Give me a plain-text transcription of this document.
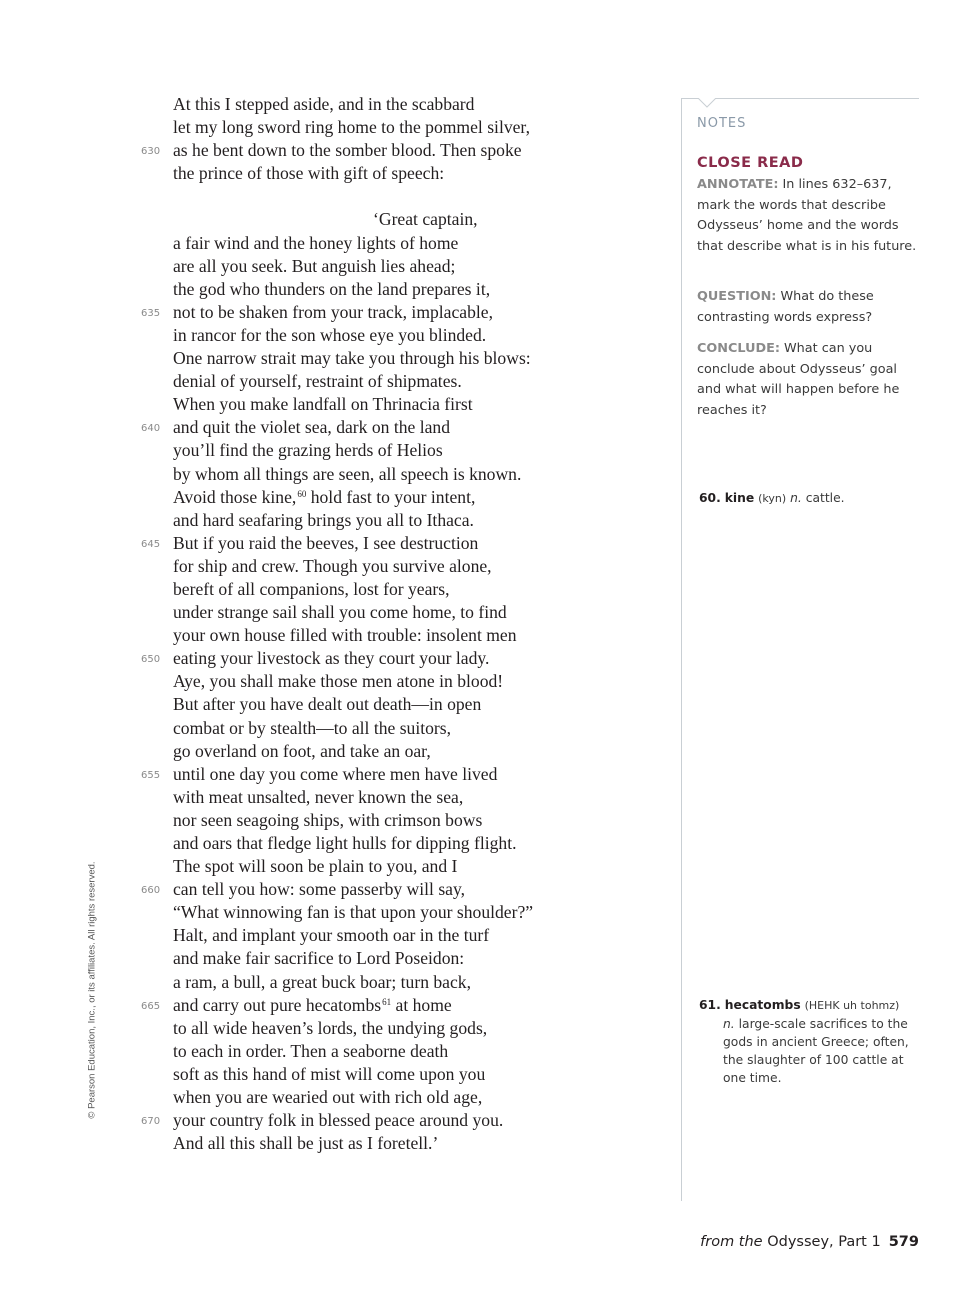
At this I stepped aside, and in the scabbard
let my long sword ring home to the pommel silver,
630 as he bent down to the somber blood. Then spoke
the prince of those with gift of speech:
‘Great captain,
a fair wind and the honey lights of home
are all you seek. But anguish lies ahead;
the god who thunders on the land prepares it,
635 not to be shaken from your track, implacable,
in rancor for the son whose eye you blinded.
One narrow strait may take you through his blows:
denial of yourself, restraint of shipmates.
When you make landfall on Thrinacia first
640 and quit the violet sea, dark on the land
you’ll find the grazing herds of Helios
by whom all things are seen, all speech is known.
Avoid those kine,$^{60}$ hold fast to your intent,
and hard seafaring brings you all to Ithaca.
645 But if you raid the beeves, I see destruction
for ship and crew. Though you survive alone,
bereft of all companions, lost for years,
under strange sail shall you come home, to find
your own house filled with trouble: insolent men
650 eating your livestock as they court your lady.
Aye, you shall make those men atone in blood!
But after you have dealt out death—in open
combat or by stealth—to all the suitors,
go overland on foot, and take an oar,
655 until one day you come where men have lived
with meat unsalted, never known the sea,
nor seen seagoing ships, with crimson bows
and oars that fledge light hulls for dipping flight.
The spot will soon be plain to you, and I
660 can tell you how: some passerby will say,
“What winnowing fan is that upon your shoulder?”
Halt, and implant your smooth oar in the turf
and make fair sacrifice to Lord Poseidon:
a ram, a bull, a great buck boar; turn back,
665 and carry out pure hecatombs$^{61}$ at home
to all wide heaven’s lords, the undying gods,
to each in order. Then a seaborne death
soft as this hand of mist will come upon you
when you are wearied out with rich old age,
670 your country folk in blessed peace around you.
And all this shall be just as I foretell.’
© Pearson Education, Inc., or its affiliates. All rights reserved.
NOTES
CLOSE READ
ANNOTATE: In lines 632–637, mark the words that describe Odysseus’ home and the words that describe what is in his future.
QUESTION: What do these contrasting words express?
CONCLUDE: What can you conclude about Odysseus’ goal and what will happen before he reaches it?
60. kine (kyn) n. cattle.
61. hecatombs (HEHK uh tohmz)
n. large-scale sacrifices to the gods in ancient Greece; often, the slaughter of 100 cattle at one time.
from the Odyssey, Part 1 579
